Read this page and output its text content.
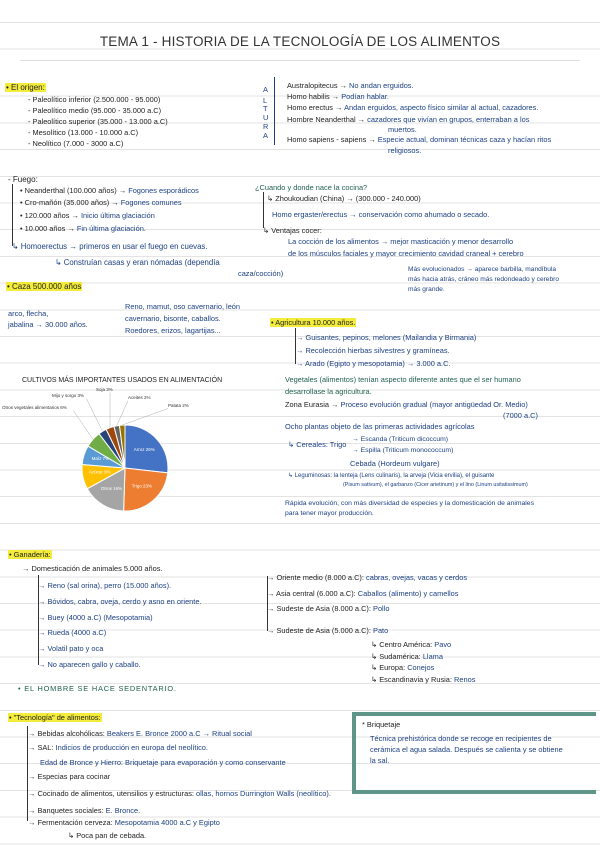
TEMA 1 - HISTORIA DE LA TECNOLOGÍA DE LOS ALIMENTOS
• El origen:
- Paleolítico inferior (2.500.000 - 95.000)
- Paleolítico medio (95.000 - 35.000 a.C)
- Paleolítico superior (35.000 - 13.000 a.C)
- Mesolítico (13.000 - 10.000 a.C)
- Neolítico (7.000 - 3000 a.C)
A
L
T
U
R
A
Australopitecus → No andan erguidos.
Homo habilis → Podían hablar.
Homo erectus → Andan erguidos, aspecto físico similar al actual, cazadores.
Hombre Neanderthal → cazadores que vivían en grupos, enterraban a los
muertos.
Homo sapiens - sapiens → Especie actual, dominan técnicas caza y hacían ritos
religiosos.
- Fuego:
• Neanderthal (100.000 años) → Fogones esporádicos
• Cro-mañón (35.000 años) → Fogones comunes
• 120.000 años → Inicio última glaciación
• 10.000 años → Fin última glaciación.
↳ Homoerectus → primeros en usar el fuego en cuevas.
↳ Construían casas y eran nómadas (dependía
caza/cocción)
¿Cuando y donde nace la cocina?
↳ Zhoukoudian (China) → (300.000 - 240.000)
Homo ergaster/erectus → conservación como ahumado o secado.
↳ Ventajas cocer:
La cocción de los alimentos → mejor masticación y menor desarrollo
de los músculos faciales y mayor crecimiento cavidad craneal + cerebro
Más evolucionados → aparece barbilla, mandíbula
más hacia atrás, cráneo más redondeado y cerebro
más grande.
• Caza 500.000 años
arco, flecha,
jabalina → 30.000 años.
Reno, mamut, oso cavernario, león
cavernario, bisonte, caballos.
Roedores, erizos, lagartijas...
• Agricultura 10.000 años.
→ Guisantes, pepinos, melones (Mailandia y Birmania)
→ Recolección hierbas silvestres y gramíneas.
→ Arado (Egipto y mesopotamia) → 3.000 a.C.
Vegetales (alimentos) tenían aspecto diferente antes que el ser humano
desarrollase la agricultura.
Zona Eurasia → Proceso evolución gradual (mayor antigüedad Or. Medio)
(7000 a.C)
Ocho plantas objeto de las primeras actividades agrícolas
↳ Cereales: Trigo
→ Escanda (Triticum dicoccum)
→ Espilla (Triticum monococcum)
Cebada (Hordeum vulgare)
↳ Leguminosas: la lenteja (Lens culinaris), la arveja (Vicia ervilia), el guisante
(Pisum sativum), el garbanzo (Cicer arietinum) y el lino (Linum usitatissimum)
Rápida evolución, con más diversidad de especies y la domesticación de animales
para tener mayor producción.
CULTIVOS MÁS IMPORTANTES USADOS EN ALIMENTACIÓN
Arroz 26%
Trigo 23%
Otros 16%
Azúcar 9%
Maíz 7%
Otros vegetales alimentarios 6%
Mijo y sorgo 3%
Soja 3%
Aceites 2%
Patata 2%
• Ganadería:
→ Domesticación de animales 5.000 años.
→ Reno (sal orina), perro (15.000 años).
→ Bóvidos, cabra, oveja, cerdo y asno en oriente.
→ Buey (4000 a.C) (Mesopotamia)
→ Rueda (4000 a.C)
→ Volatil pato y oca
→ No aparecen gallo y caballo.
→ Oriente medio (8.000 a.C): cabras, ovejas, vacas y cerdos
→ Asia central (6.000 a.C): Caballos (alimento) y camellos
→ Sudeste de Asia (8.000 a.C): Pollo
→ Sudeste de Asia (5.000 a.C): Pato
↳ Centro América: Pavo
↳ Sudamérica: Llama
↳ Europa: Conejos
↳ Escandinavia y Rusia: Renos
• EL HOMBRE SE HACE SEDENTARIO.
• "Tecnología" de alimentos:
→ Bebidas alcohólicas: Beakers E. Bronce 2000 a.C → Ritual social
→ SAL: Indicios de producción en europa del neolítico.
Edad de Bronce y Hierro: Briquetaje para evaporación y como conservante
→ Especias para cocinar
→ Cocinado de alimentos, utensilios y estructuras: ollas, hornos Durrington Walls (neolítico).
→ Banquetes sociales: E. Bronce.
→ Fermentación cerveza: Mesopotamia 4000 a.C y Egipto
↳ Poca pan de cebada.
* Briquetaje
Técnica prehistórica donde se recoge en recipientes de
cerámica el agua salada. Después se calienta y se obtiene
la sal.
